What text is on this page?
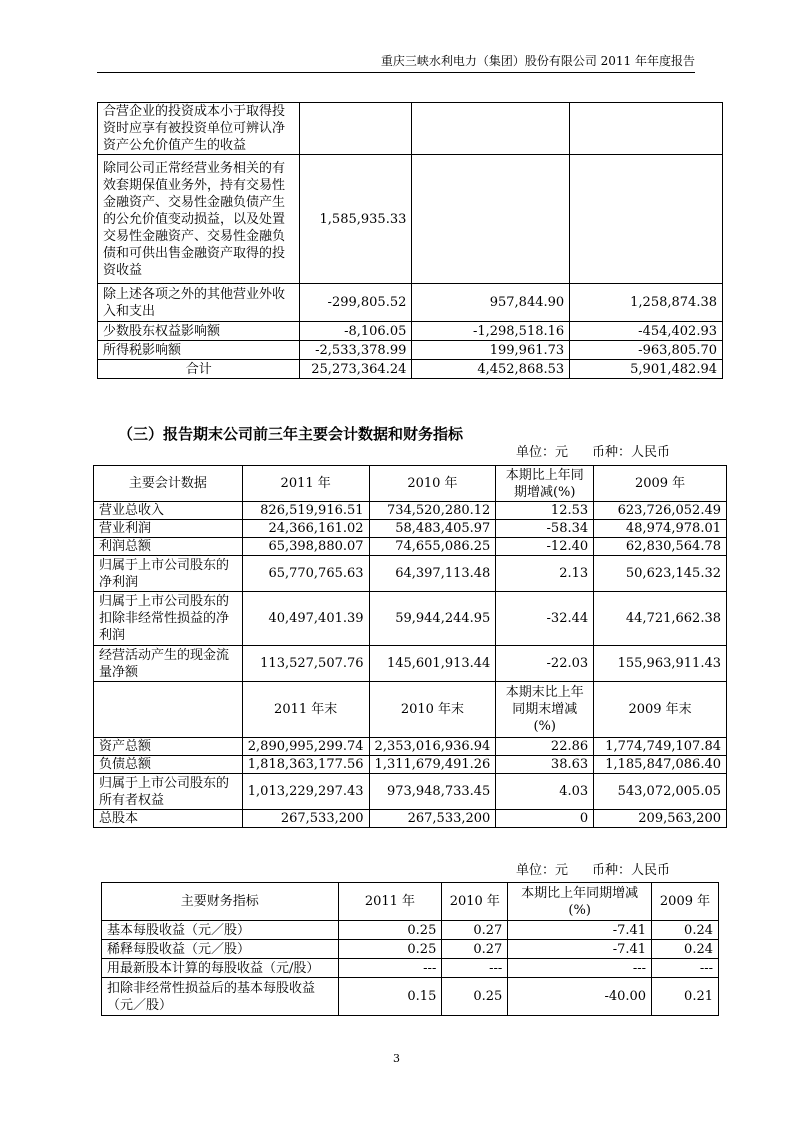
重庆三峡水利电力（集团）股份有限公司 2011 年年度报告
合营企业的投资成本小于取得投资时应享有被投资单位可辨认净资产公允价值产生的收益			
除同公司正常经营业务相关的有效套期保值业务外，持有交易性金融资产、交易性金融负债产生的公允价值变动损益，以及处置交易性金融资产、交易性金融负债和可供出售金融资产取得的投资收益	1,585,935.33		
除上述各项之外的其他营业外收入和支出	-299,805.52	957,844.90	1,258,874.38
少数股东权益影响额	-8,106.05	-1,298,518.16	-454,402.93
所得税影响额	-2,533,378.99	199,961.73	-963,805.70
合计	25,273,364.24	4,452,868.53	5,901,482.94
（三）报告期末公司前三年主要会计数据和财务指标
单位：元 币种：人民币
主要会计数据	2011 年	2010 年	本期比上年同期增减(%)	2009 年
营业总收入	826,519,916.51	734,520,280.12	12.53	623,726,052.49
营业利润	24,366,161.02	58,483,405.97	-58.34	48,974,978.01
利润总额	65,398,880.07	74,655,086.25	-12.40	62,830,564.78
归属于上市公司股东的净利润	65,770,765.63	64,397,113.48	2.13	50,623,145.32
归属于上市公司股东的扣除非经常性损益的净利润	40,497,401.39	59,944,244.95	-32.44	44,721,662.38
经营活动产生的现金流量净额	113,527,507.76	145,601,913.44	-22.03	155,963,911.43
	2011 年末	2010 年末	本期末比上年同期末增减(%)	2009 年末
资产总额	2,890,995,299.74	2,353,016,936.94	22.86	1,774,749,107.84
负债总额	1,818,363,177.56	1,311,679,491.26	38.63	1,185,847,086.40
归属于上市公司股东的所有者权益	1,013,229,297.43	973,948,733.45	4.03	543,072,005.05
总股本	267,533,200	267,533,200	0	209,563,200
单位：元 币种：人民币
主要财务指标	2011 年	2010 年	本期比上年同期增减(%)	2009 年
基本每股收益（元／股）	0.25	0.27	-7.41	0.24
稀释每股收益（元／股）	0.25	0.27	-7.41	0.24
用最新股本计算的每股收益（元/股）	---	---	---	---
扣除非经常性损益后的基本每股收益（元／股）	0.15	0.25	-40.00	0.21
3
